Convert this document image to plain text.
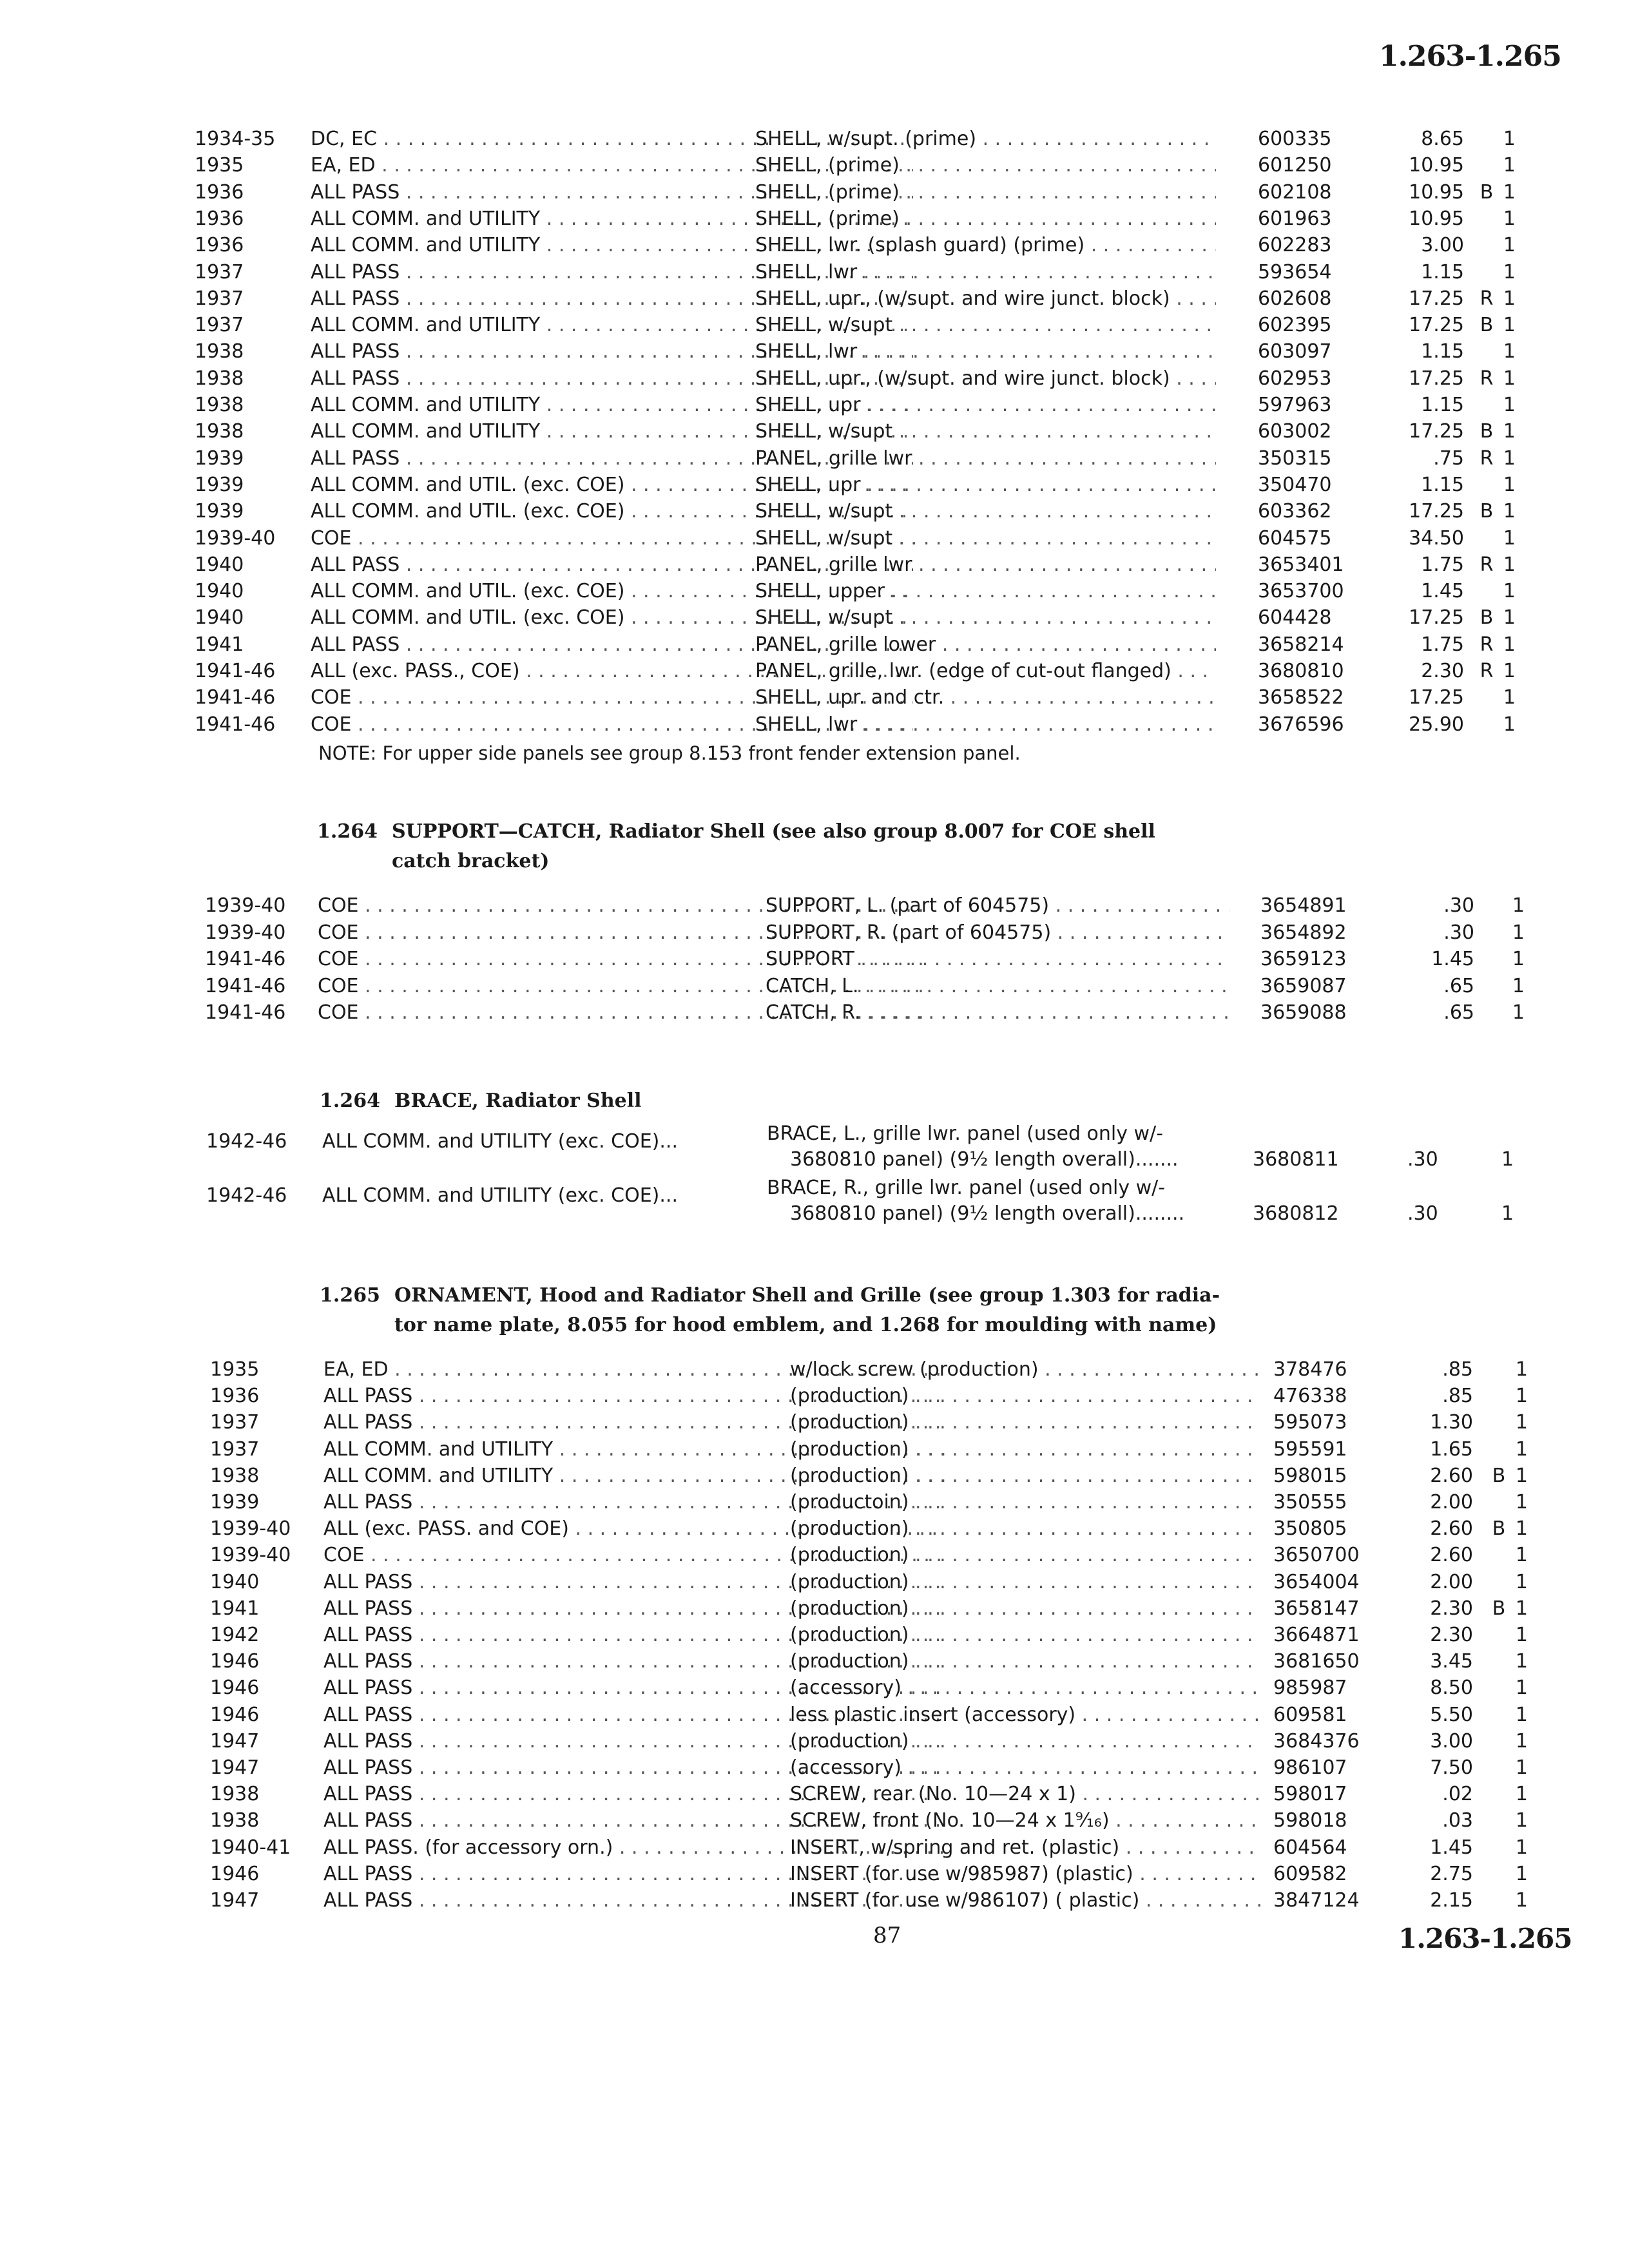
1.263-1.265
1934-35 DC, EC . . .	SHELL, w/supt. (prime) . . .	600335	8.65	1
1935	EA, ED . . .	SHELL, (prime) . . .	601250	10.95	1
1936	ALL PASS . . .	SHELL, (prime) . . .	602108	10.95 B 1
1936	ALL COMM. and UTILITY . . .	SHELL, (prime) . . .	601963	10.95	1
1936	ALL COMM. and UTILITY . . .	SHELL, lwr. (splash guard) (prime) . . .	602283	3.00	1
1937	ALL PASS . . .	SHELL, lwr . . .	593654	1.15	1
1937	ALL PASS . . .	SHELL, upr., (w/supt. and wire junct. block) . . .	602608	17.25 R 1
1937	ALL COMM. and UTILITY . . .	SHELL, w/supt . . .	602395	17.25 B 1
1938	ALL PASS . . .	SHELL, lwr . . .	603097	1.15	1
1938	ALL PASS . . .	SHELL, upr., (w/supt. and wire junct. block) . . .	602953	17.25 R 1
1938	ALL COMM. and UTILITY . . .	SHELL, upr . . .	597963	1.15	1
1938	ALL COMM. and UTILITY . . .	SHELL, w/supt . . .	603002	17.25 B 1
1939	ALL PASS . . .	PANEL, grille lwr . . .	350315	.75 R 1
1939	ALL COMM. and UTIL. (exc. COE) . . .	SHELL, upr . . .	350470	1.15	1
1939	ALL COMM. and UTIL. (exc. COE) . . .	SHELL, w/supt . . .	603362	17.25 B 1
1939-40 COE . . .	SHELL, w/supt . . .	604575	34.50	1
1940	ALL PASS . . .	PANEL, grille lwr . . .	3653401	1.75 R 1
1940	ALL COMM. and UTIL. (exc. COE) . . .	SHELL, upper . . .	3653700	1.45	1
1940	ALL COMM. and UTIL. (exc. COE) . . .	SHELL, w/supt . . .	604428	17.25 B 1
1941	ALL PASS . . .	PANEL, grille lower . . .	3658214	1.75 R 1
1941-46 ALL (exc. PASS., COE) . . .	PANEL, grille, lwr. (edge of cut-out flanged) . . .	3680810	2.30 R 1
1941-46 COE . . .	SHELL, upr. and ctr. . . .	3658522	17.25	1
1941-46 COE . . .	SHELL, lwr . . .	3676596	25.90	1
NOTE: For upper side panels see group 8.153 front fender extension panel.
1.264 SUPPORT—CATCH, Radiator Shell (see also group 8.007 for COE shell
catch bracket)
1939-40 COE . . .	SUPPORT, L. (part of 604575) . . .	3654891	.30	1
1939-40 COE . . .	SUPPORT, R. (part of 604575) . . .	3654892	.30	1
1941-46 COE . . .	SUPPORT . . .	3659123	1.45	1
1941-46 COE . . .	CATCH, L. . . .	3659087	.65	1
1941-46 COE . . .	CATCH, R. . . .	3659088	.65	1
1.264 BRACE, Radiator Shell
1942-46 ALL COMM. and UTILITY (exc. COE)...	BRACE, L., grille lwr. panel (used only w/-
3680810 panel) (9½ length overall).......	3680811	.30	1
1942-46 ALL COMM. and UTILITY (exc. COE)...	BRACE, R., grille lwr. panel (used only w/-
3680810 panel) (9½ length overall)........	3680812	.30	1
1.265 ORNAMENT, Hood and Radiator Shell and Grille (see group 1.303 for radia-
tor name plate, 8.055 for hood emblem, and 1.268 for moulding with name)
1935	EA, ED . . .	w/lock screw (production) . . .	378476	.85	1
1936	ALL PASS . . .	(production) . . .	476338	.85	1
1937	ALL PASS . . .	(production) . . .	595073	1.30	1
1937	ALL COMM. and UTILITY . . .	(production) . . .	595591	1.65	1
1938	ALL COMM. and UTILITY . . .	(production) . . .	598015	2.60 B 1
1939	ALL PASS . . .	(productoin) . . .	350555	2.00	1
1939-40 ALL (exc. PASS. and COE) . . .	(production) . . .	350805	2.60 B 1
1939-40 COE . . .	(production) . . .	3650700	2.60	1
1940	ALL PASS . . .	(production) . . .	3654004	2.00	1
1941	ALL PASS . . .	(production) . . .	3658147	2.30 B 1
1942	ALL PASS . . .	(production) . . .	3664871	2.30	1
1946	ALL PASS . . .	(production) . . .	3681650	3.45	1
1946	ALL PASS . . .	(accessory) . . .	985987	8.50	1
1946	ALL PASS . . .	less plastic insert (accessory) . . .	609581	5.50	1
1947	ALL PASS . . .	(production) . . .	3684376	3.00	1
1947	ALL PASS . . .	(accessory) . . .	986107	7.50	1
1938	ALL PASS . . .	SCREW, rear (No. 10—24 x 1) . . .	598017	.02	1
1938	ALL PASS . . .	SCREW, front (No. 10—24 x 1⁹⁄₁₆) . . .	598018	.03	1
1940-41 ALL PASS. (for accessory orn.) . . .	INSERT, w/spring and ret. (plastic) . . .	604564	1.45	1
1946	ALL PASS . . .	INSERT (for use w/985987) (plastic) . . .	609582	2.75	1
1947	ALL PASS . . .	INSERT (for use w/986107) ( plastic) . . .	3847124	2.15	1
87	1.263-1.265
